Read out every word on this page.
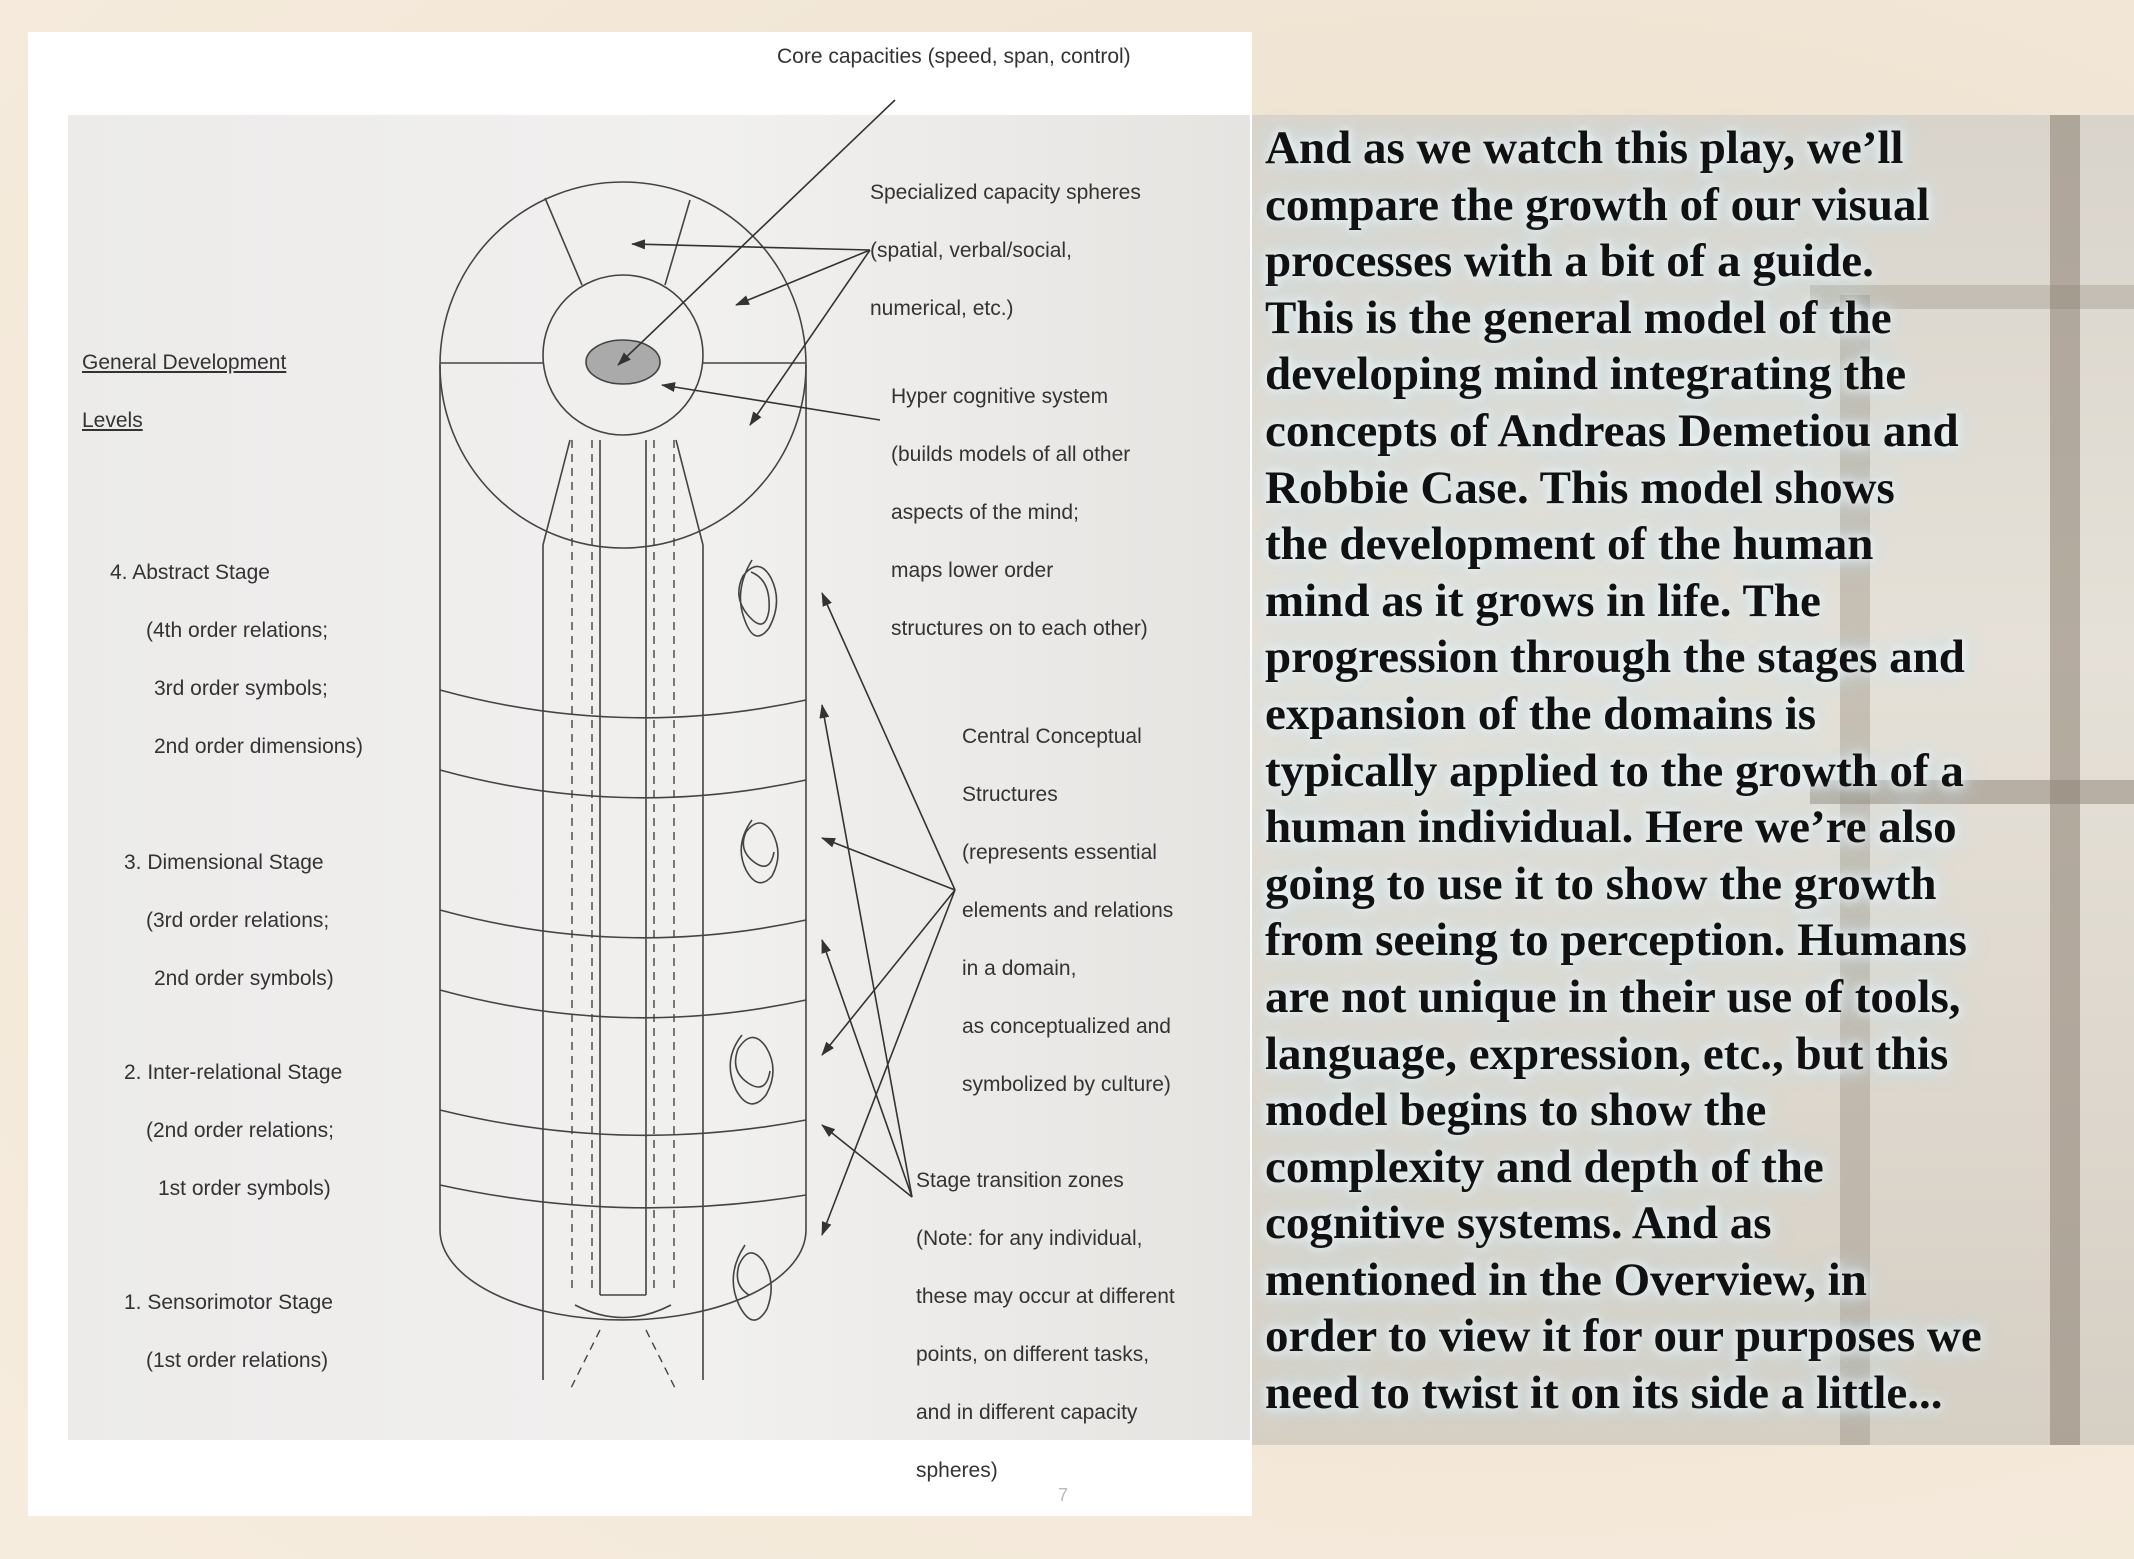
Core capacities (speed, span, control)
General Development
Levels
4. Abstract Stage
(4th order relations;
3rd order symbols;
2nd order dimensions)
3. Dimensional Stage
(3rd order relations;
2nd order symbols)
2. Inter-relational Stage
(2nd order relations;
1st order symbols)
1. Sensorimotor Stage
(1st order relations)
Specialized capacity spheres
(spatial, verbal/social,
numerical, etc.)
Hyper cognitive system
(builds models of all other
aspects of the mind;
maps lower order
structures on to each other)
Central Conceptual
Structures
(represents essential
elements and relations
in a domain,
as conceptualized and
symbolized by culture)
Stage transition zones
(Note: for any individual,
these may occur at different
points, on different tasks,
and in different capacity
spheres)
7
And as we watch this play, we’ll
compare the growth of our visual
processes with a bit of a guide.
This is the general model of the
developing mind integrating the
concepts of Andreas Demetiou and
Robbie Case. This model shows
the development of the human
mind as it grows in life. The
progression through the stages and
expansion of the domains is
typically applied to the growth of a
human individual. Here we’re also
going to use it to show the growth
from seeing to perception. Humans
are not unique in their use of tools,
language, expression, etc., but this
model begins to show the
complexity and depth of the
cognitive systems. And as
mentioned in the Overview, in
order to view it for our purposes we
need to twist it on its side a little...
